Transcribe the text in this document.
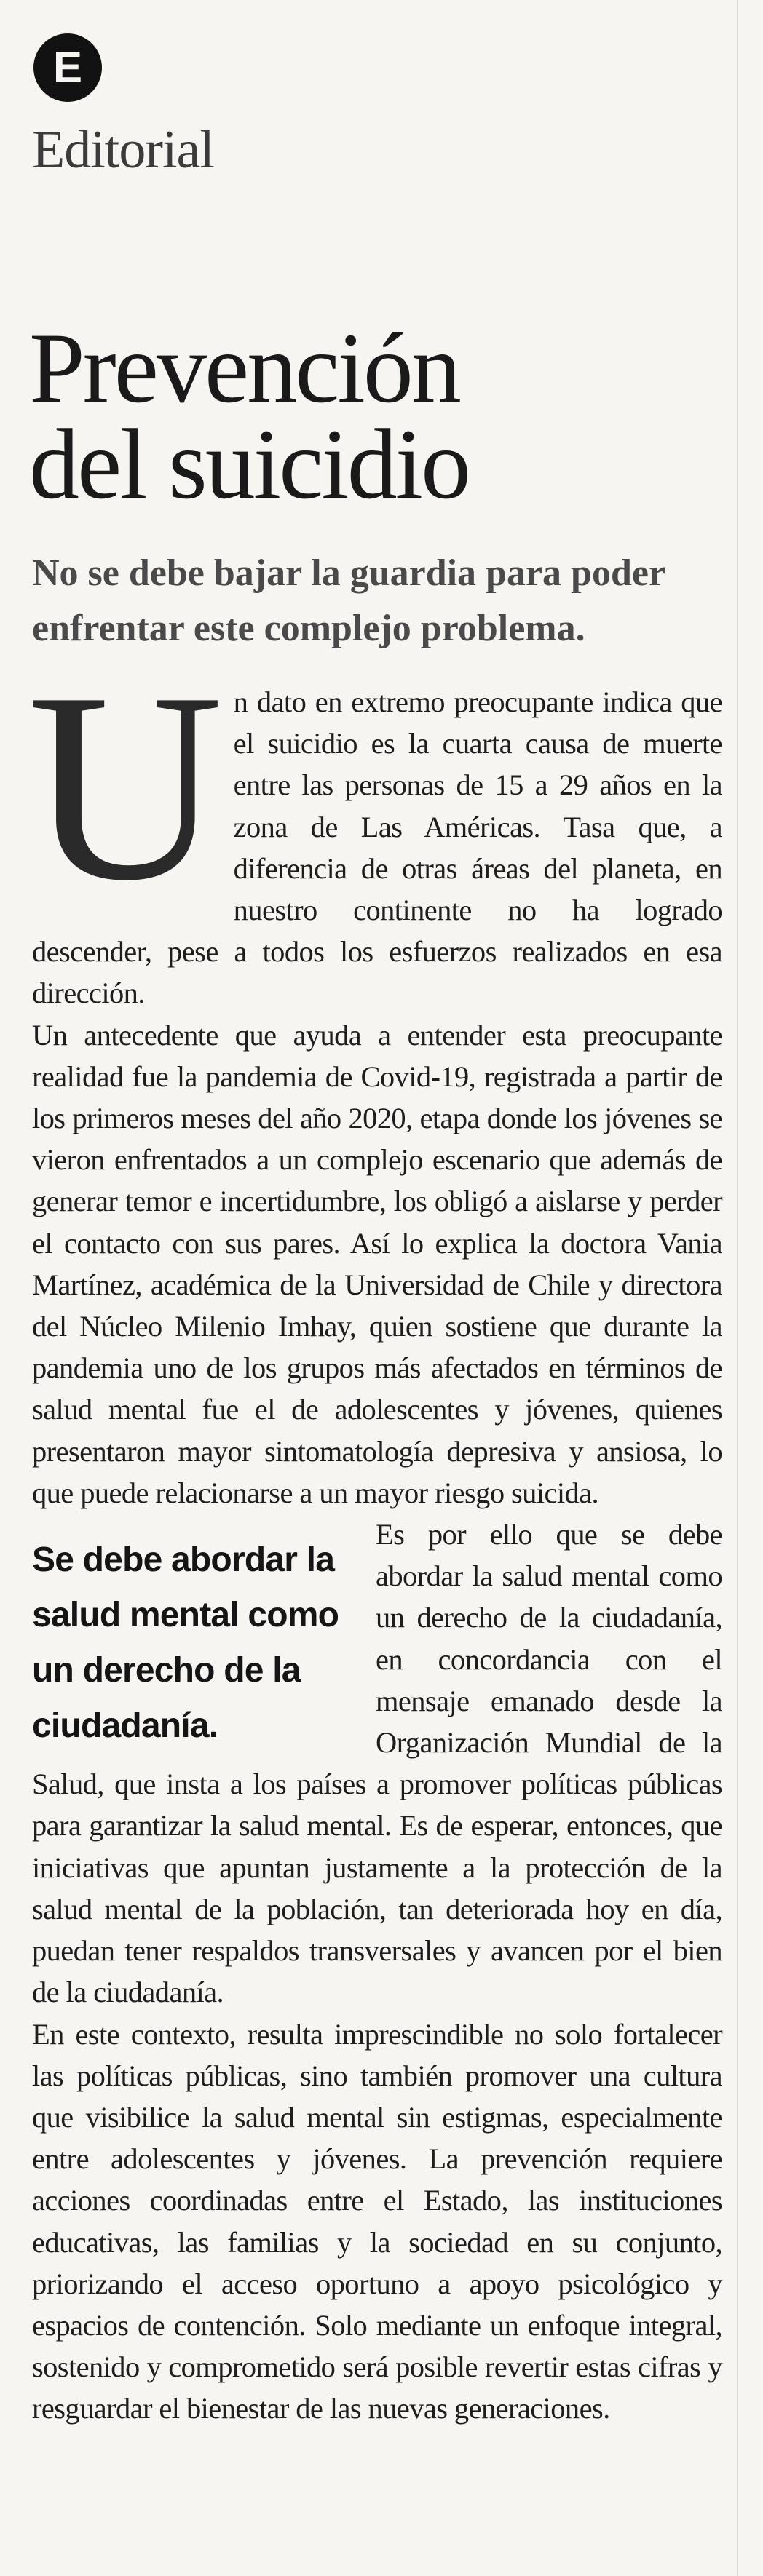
E
Editorial
Prevención
del suicidio
No se debe bajar la guardia para poder enfrentar este complejo problema.

Un dato en extremo preocupante indica que el suicidio es la cuarta causa de muerte entre las personas de 15 a 29 años en la zona de Las Américas. Tasa que, a diferencia de otras áreas del planeta, en nuestro continente no ha logrado descender, pese a todos los esfuerzos realizados en esa dirección.

Un antecedente que ayuda a entender esta preocupante realidad fue la pandemia de Covid-19, registrada a partir de los primeros meses del año 2020, etapa donde los jóvenes se vieron enfrentados a un complejo escenario que además de generar temor e incertidumbre, los obligó a aislarse y perder el contacto con sus pares. Así lo explica la doctora Vania Martínez, académica de la Universidad de Chile y directora del Núcleo Milenio Imhay, quien sostiene que durante la pandemia uno de los grupos más afectados en términos de salud mental fue el de adolescentes y jóvenes, quienes presentaron mayor sintomatología depresiva y ansiosa, lo que puede relacionarse a un mayor riesgo suicida.

Se debe abordar la salud mental como un derecho de la ciudadanía.
Es por ello que se debe abordar la salud mental como un derecho de la ciudadanía, en concordancia con el mensaje emanado desde la Organización Mundial de la Salud, que insta a los países a promover políticas públicas para garantizar la salud mental. Es de esperar, entonces, que iniciativas que apuntan justamente a la protección de la salud mental de la población, tan deteriorada hoy en día, puedan tener respaldos transversales y avancen por el bien de la ciudadanía.

En este contexto, resulta imprescindible no solo fortalecer las políticas públicas, sino también promover una cultura que visibilice la salud mental sin estigmas, especialmente entre adolescentes y jóvenes. La prevención requiere acciones coordinadas entre el Estado, las instituciones educativas, las familias y la sociedad en su conjunto, priorizando el acceso oportuno a apoyo psicológico y espacios de contención. Solo mediante un enfoque integral, sostenido y comprometido será posible revertir estas cifras y resguardar el bienestar de las nuevas generaciones.
